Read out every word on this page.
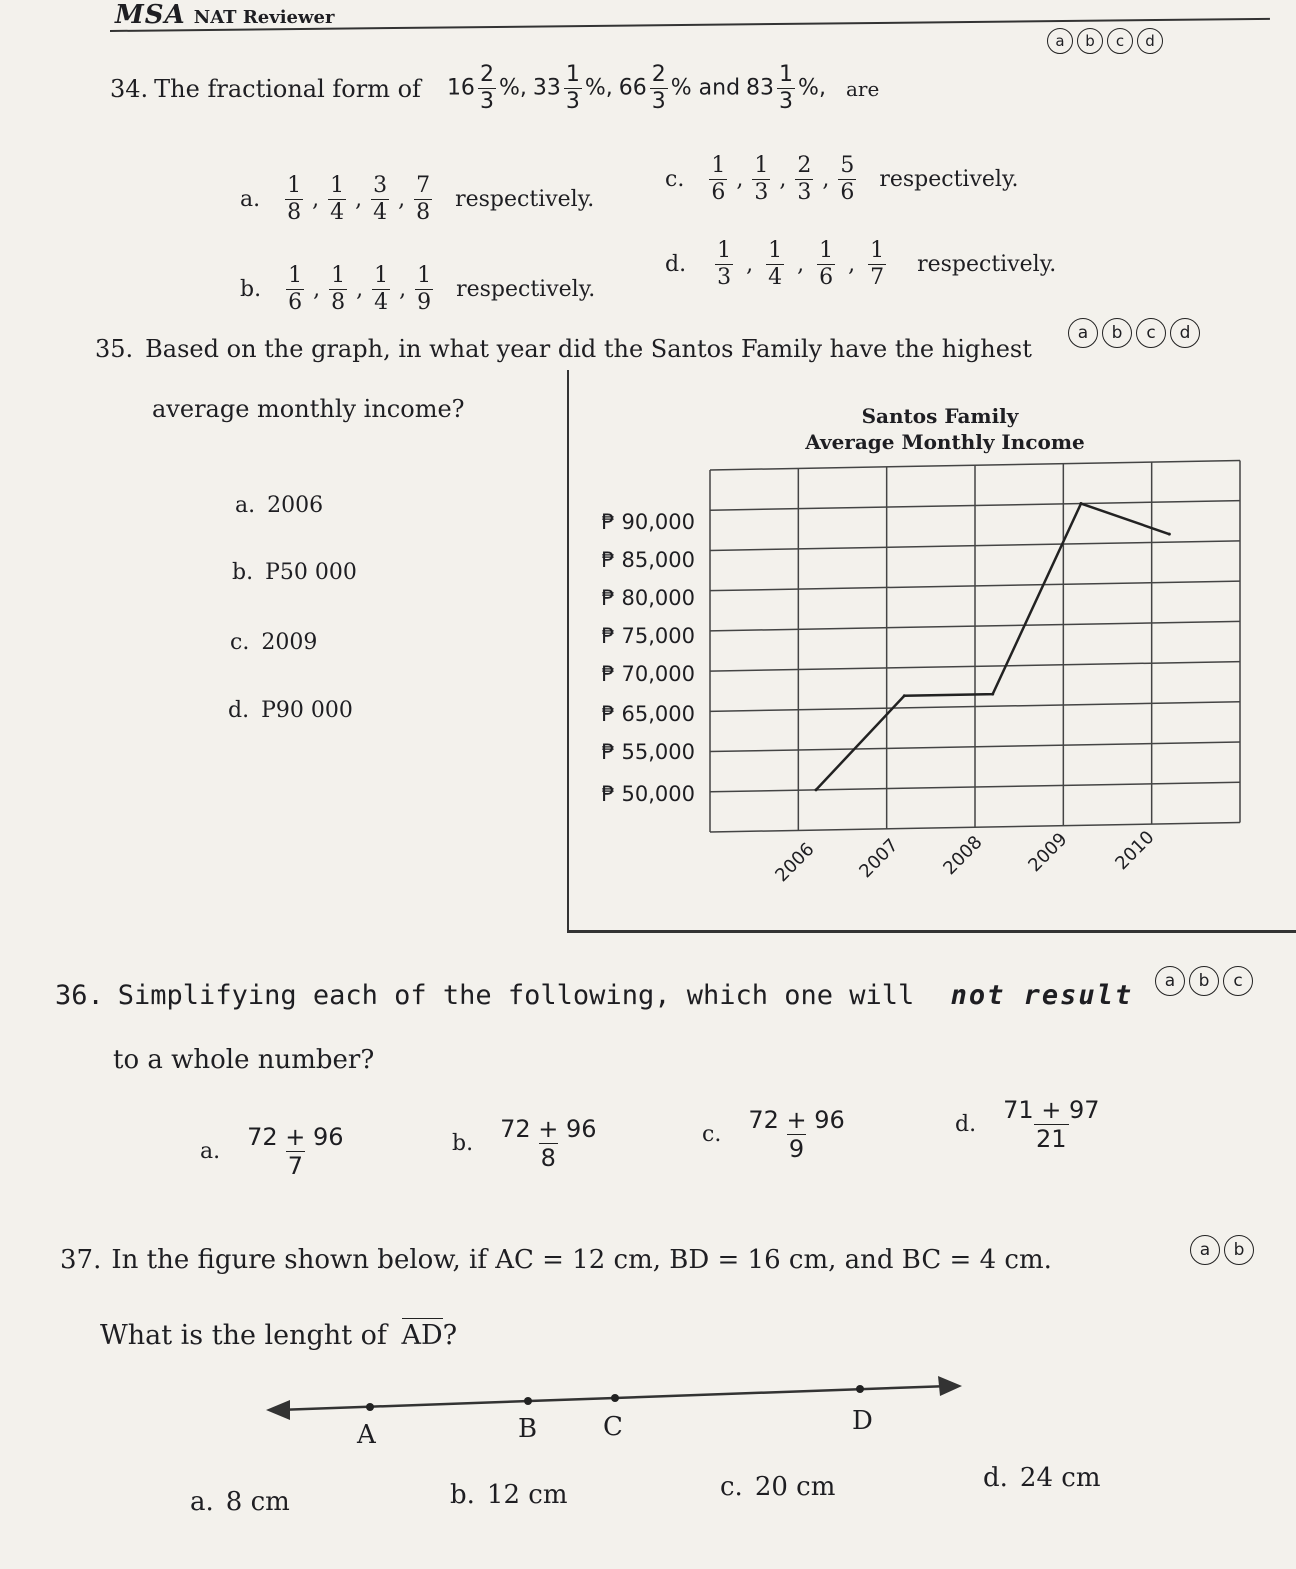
MSA NAT Reviewer
a	b	c	d
34. The fractional form of $16 \frac{2}{3}$ %, $33 \frac{1}{3}$ %, $66 \frac{2}{3}$ % and $83 \frac{1}{3}$ %, are
a. $\frac{1}{8}$ , $\frac{1}{4}$ , $\frac{3}{4}$ , $\frac{7}{8}$ respectively.
b. $\frac{1}{6}$ , $\frac{1}{8}$ , $\frac{1}{4}$ , $\frac{1}{9}$ respectively.
c. $\frac{1}{6}$ , $\frac{1}{3}$ , $\frac{2}{3}$ , $\frac{5}{6}$ respectively.
d. $\frac{1}{3}$ , $\frac{1}{4}$ , $\frac{1}{6}$ , $\frac{1}{7}$ respectively.
a	b	c	d
35. Based on the graph, in what year did the Santos Family have the highest
average monthly income?
a. 2006
b. P50 000
c. 2009
d. P90 000
Santos Family
Average Monthly Income
₱ 90,000
₱ 85,000
₱ 80,000
₱ 75,000
₱ 70,000
₱ 65,000
₱ 55,000
₱ 50,000
2006 2007 2008 2009 2010
a	b	c
36. Simplifying each of the following, which one will not result
to a whole number?
a. $\frac{72 + 96}{7}$	b. $\frac{72 + 96}{8}$	c. $\frac{72 + 96}{9}$	d. $\frac{71 + 97}{21}$
a	b
37. In the figure shown below, if AC = 12 cm, BD = 16 cm, and BC = 4 cm.
What is the lenght of AD?
A	B	C	D
a. 8 cm	b. 12 cm	c. 20 cm	d. 24 cm
